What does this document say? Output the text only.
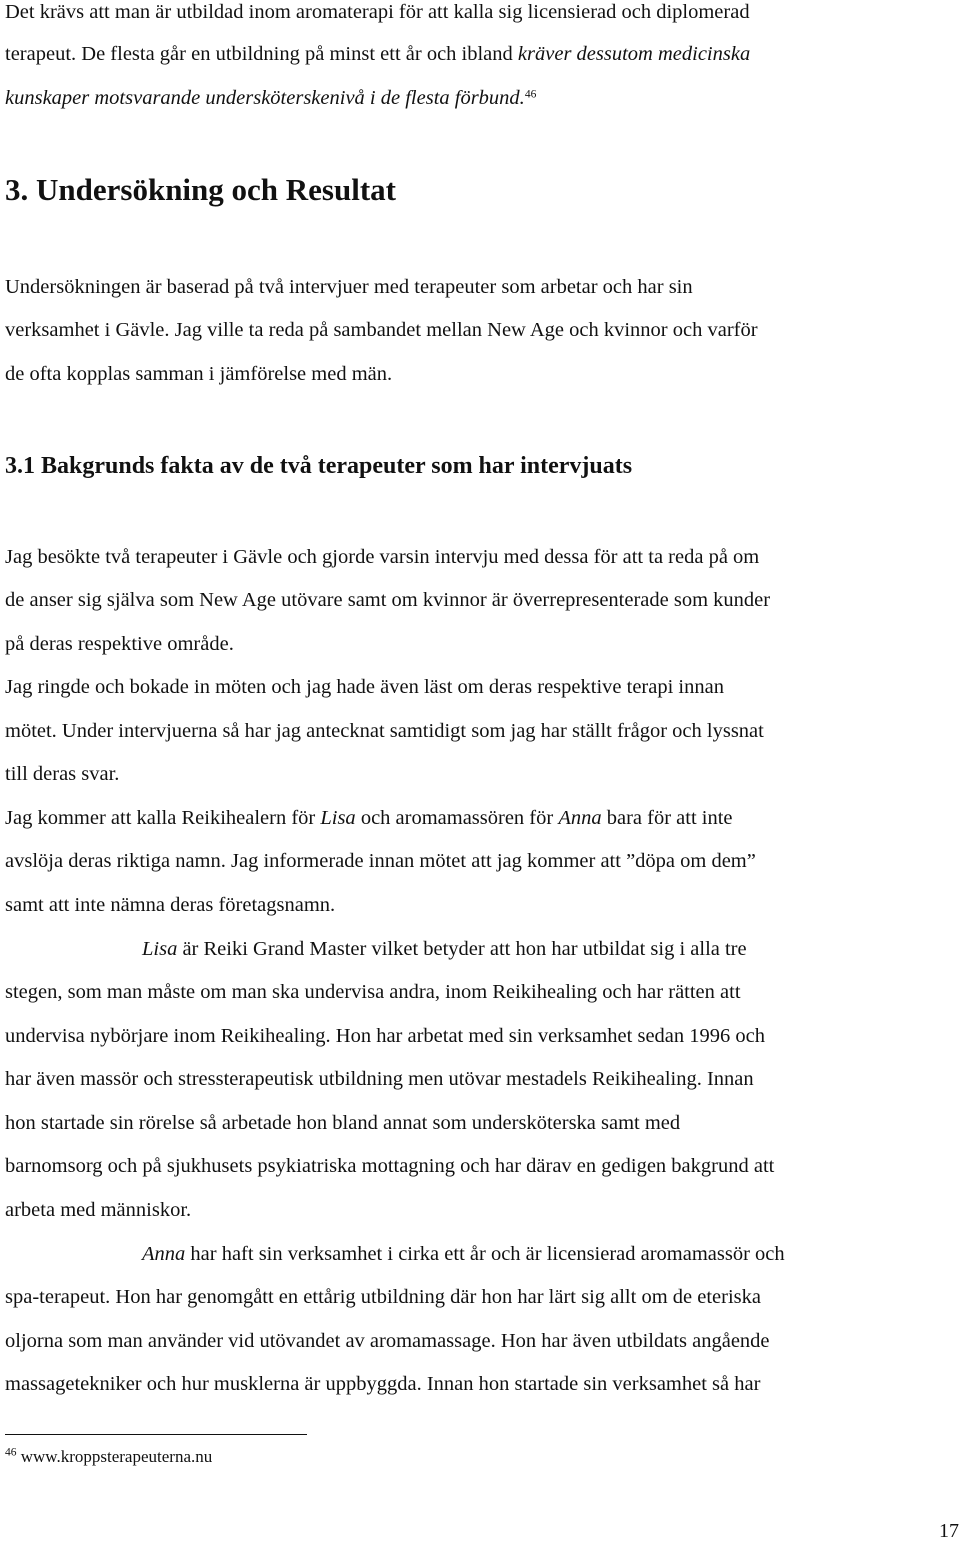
Det krävs att man är utbildad inom aromaterapi för att kalla sig licensierad och diplomerad
terapeut. De flesta går en utbildning på minst ett år och ibland kräver dessutom medicinska
kunskaper motsvarande undersköterskenivå i de flesta förbund.$^{46}$
3. Undersökning och Resultat
Undersökningen är baserad på två intervjuer med terapeuter som arbetar och har sin
verksamhet i Gävle. Jag ville ta reda på sambandet mellan New Age och kvinnor och varför
de ofta kopplas samman i jämförelse med män.
3.1 Bakgrunds fakta av de två terapeuter som har intervjuats
Jag besökte två terapeuter i Gävle och gjorde varsin intervju med dessa för att ta reda på om
de anser sig själva som New Age utövare samt om kvinnor är överrepresenterade som kunder
på deras respektive område.
Jag ringde och bokade in möten och jag hade även läst om deras respektive terapi innan
mötet. Under intervjuerna så har jag antecknat samtidigt som jag har ställt frågor och lyssnat
till deras svar.
Jag kommer att kalla Reikihealern för Lisa och aromamassören för Anna bara för att inte
avslöja deras riktiga namn. Jag informerade innan mötet att jag kommer att ”döpa om dem”
samt att inte nämna deras företagsnamn.
Lisa är Reiki Grand Master vilket betyder att hon har utbildat sig i alla tre
stegen, som man måste om man ska undervisa andra, inom Reikihealing och har rätten att
undervisa nybörjare inom Reikihealing. Hon har arbetat med sin verksamhet sedan 1996 och
har även massör och stressterapeutisk utbildning men utövar mestadels Reikihealing. Innan
hon startade sin rörelse så arbetade hon bland annat som undersköterska samt med
barnomsorg och på sjukhusets psykiatriska mottagning och har därav en gedigen bakgrund att
arbeta med människor.
Anna har haft sin verksamhet i cirka ett år och är licensierad aromamassör och
spa-terapeut. Hon har genomgått en ettårig utbildning där hon har lärt sig allt om de eteriska
oljorna som man använder vid utövandet av aromamassage. Hon har även utbildats angående
massagetekniker och hur musklerna är uppbyggda. Innan hon startade sin verksamhet så har
$^{46}$ www.kroppsterapeuterna.nu
17
